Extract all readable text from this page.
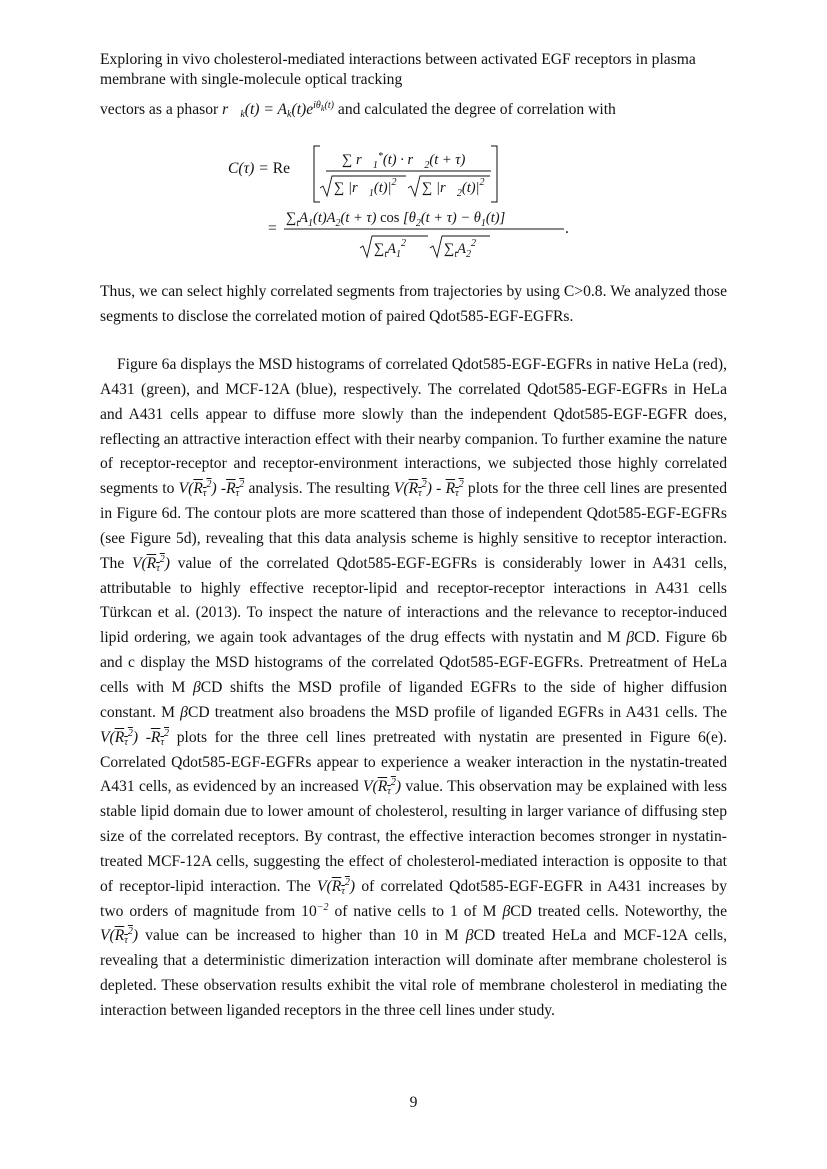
Exploring in vivo cholesterol-mediated interactions between activated EGF receptors in plasma membrane with single-molecule optical tracking
vectors as a phasor $r⃗_k(t) = A_k(t)e^{i\theta_k(t)}$ and calculated the degree of correlation with
C(τ) = Re	∑ $r⃗_1^*(t)$ · $r⃗_2(t + \tau)$
∑ $|r⃗_1(t)|^2$ ∑ $|r⃗_2(t)|^2$
=
$\sum_tA_1(t)A_2(t + \tau)$ $\cos [\theta_2(t + \tau) - \theta_1(t)]$
$\sum_tA_1^2$	$\sum_tA_2^2$
.

Thus, we can select highly correlated segments from trajectories by using C>0.8. We analyzed those segments to disclose the correlated motion of paired Qdot585-EGF-EGFRs.

Figure 6a displays the MSD histograms of correlated Qdot585-EGF-EGFRs in native HeLa (red), A431 (green), and MCF-12A (blue), respectively. The correlated Qdot585-EGF-EGFRs in HeLa and A431 cells appear to diffuse more slowly than the independent Qdot585-EGF-EGFR does, reflecting an attractive interaction effect with their nearby companion. To further examine the nature of receptor-receptor and receptor-environment interactions, we subjected those highly correlated segments to $V(R_\tau^2)$ $-R_\tau^2$ analysis. The resulting $V(R_\tau^2) - R_\tau^2$ plots for the three cell lines are presented in Figure 6d. The contour plots are more scattered than those of independent Qdot585-EGF-EGFRs (see Figure 5d), revealing that this data analysis scheme is highly sensitive to receptor interaction. The $V(R_\tau^2)$ value of the correlated Qdot585-EGF-EGFRs is considerably lower in A431 cells, attributable to highly effective receptor-lipid and receptor-receptor interactions in A431 cells Türkcan et al. (2013). To inspect the nature of interactions and the relevance to receptor-induced lipid ordering, we again took advantages of the drug effects with nystatin and M βCD. Figure 6b and c display the MSD histograms of the correlated Qdot585-EGF-EGFRs. Pretreatment of HeLa cells with M βCD shifts the MSD profile of liganded EGFRs to the side of higher diffusion constant. M βCD treatment also broadens the MSD profile of liganded EGFRs in A431 cells. The $V(R_\tau^2)$ $-R_\tau^2$ plots for the three cell lines pretreated with nystatin are presented in Figure 6(e). Correlated Qdot585-EGF-EGFRs appear to experience a weaker interaction in the nystatin-treated A431 cells, as evidenced by an increased $V(R_\tau^2)$ value. This observation may be explained with less stable lipid domain due to lower amount of cholesterol, resulting in larger variance of diffusing step size of the correlated receptors. By contrast, the effective interaction becomes stronger in nystatin-treated MCF-12A cells, suggesting the effect of cholesterol-mediated interaction is opposite to that of receptor-lipid interaction. The $V(R_\tau^2)$ of correlated Qdot585-EGF-EGFR in A431 increases by two orders of magnitude from $10^{-2}$ of native cells to 1 of M βCD treated cells. Noteworthy, the $V(R_\tau^2)$ value can be increased to higher than 10 in M βCD treated HeLa and MCF-12A cells, revealing that a deterministic dimerization interaction will dominate after membrane cholesterol is depleted. These observation results exhibit the vital role of membrane cholesterol in mediating the interaction between liganded receptors in the three cell lines under study.

9
